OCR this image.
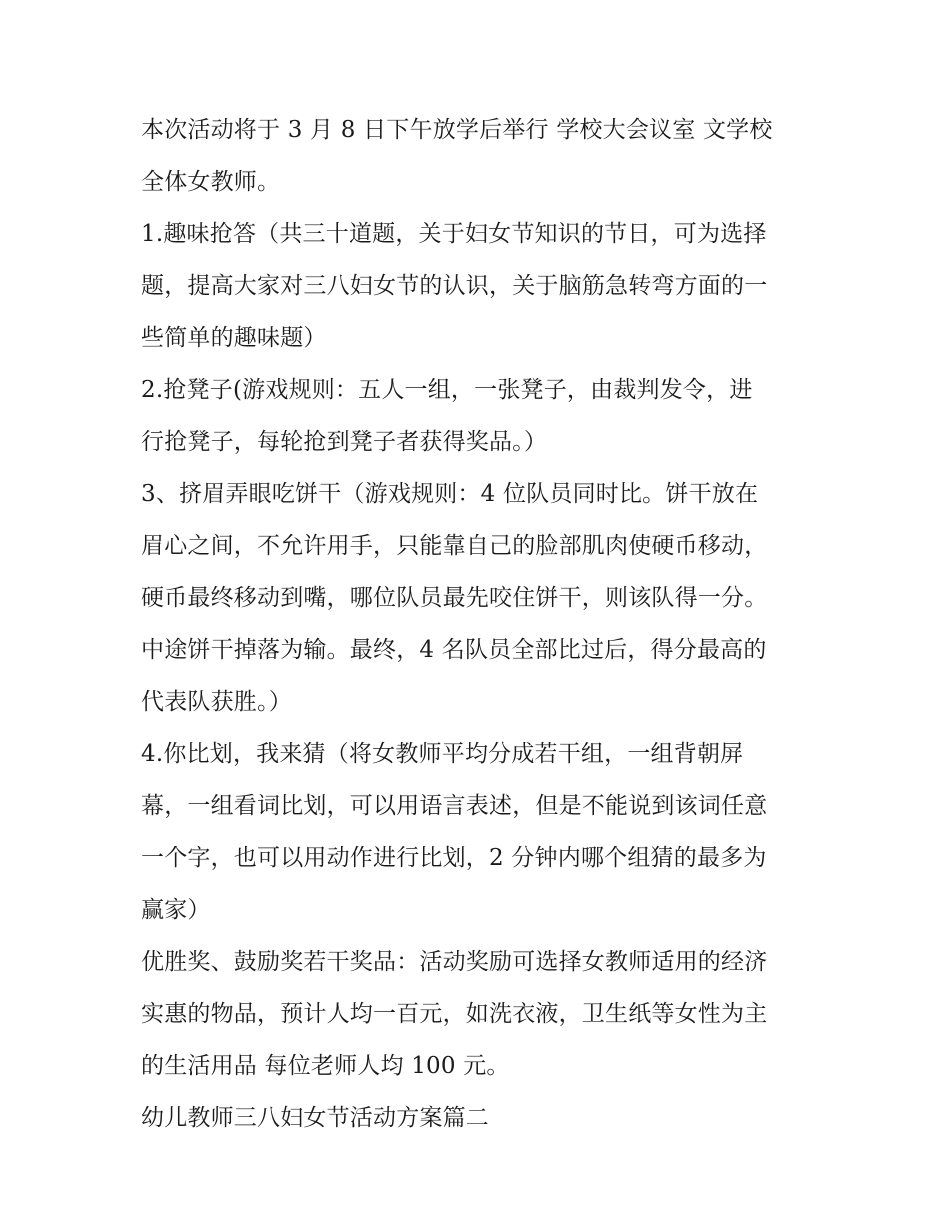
本次活动将于 3 月 8 日下午放学后举行 学校大会议室 文学校
全体女教师。
1.趣味抢答（共三十道题，关于妇女节知识的节日，可为选择
题，提高大家对三八妇女节的认识，关于脑筋急转弯方面的一
些简单的趣味题）
2.抢凳子(游戏规则：五人一组，一张凳子，由裁判发令，进
行抢凳子，每轮抢到凳子者获得奖品。）
3、挤眉弄眼吃饼干（游戏规则：4 位队员同时比。饼干放在
眉心之间，不允许用手，只能靠自己的脸部肌肉使硬币移动，
硬币最终移动到嘴，哪位队员最先咬住饼干，则该队得一分。
中途饼干掉落为输。最终，4 名队员全部比过后，得分最高的
代表队获胜。）
4.你比划，我来猜（将女教师平均分成若干组，一组背朝屏
幕，一组看词比划，可以用语言表述，但是不能说到该词任意
一个字，也可以用动作进行比划，2 分钟内哪个组猜的最多为
赢家）
优胜奖、鼓励奖若干奖品：活动奖励可选择女教师适用的经济
实惠的物品，预计人均一百元，如洗衣液，卫生纸等女性为主
的生活用品 每位老师人均 100 元。
幼儿教师三八妇女节活动方案篇二
